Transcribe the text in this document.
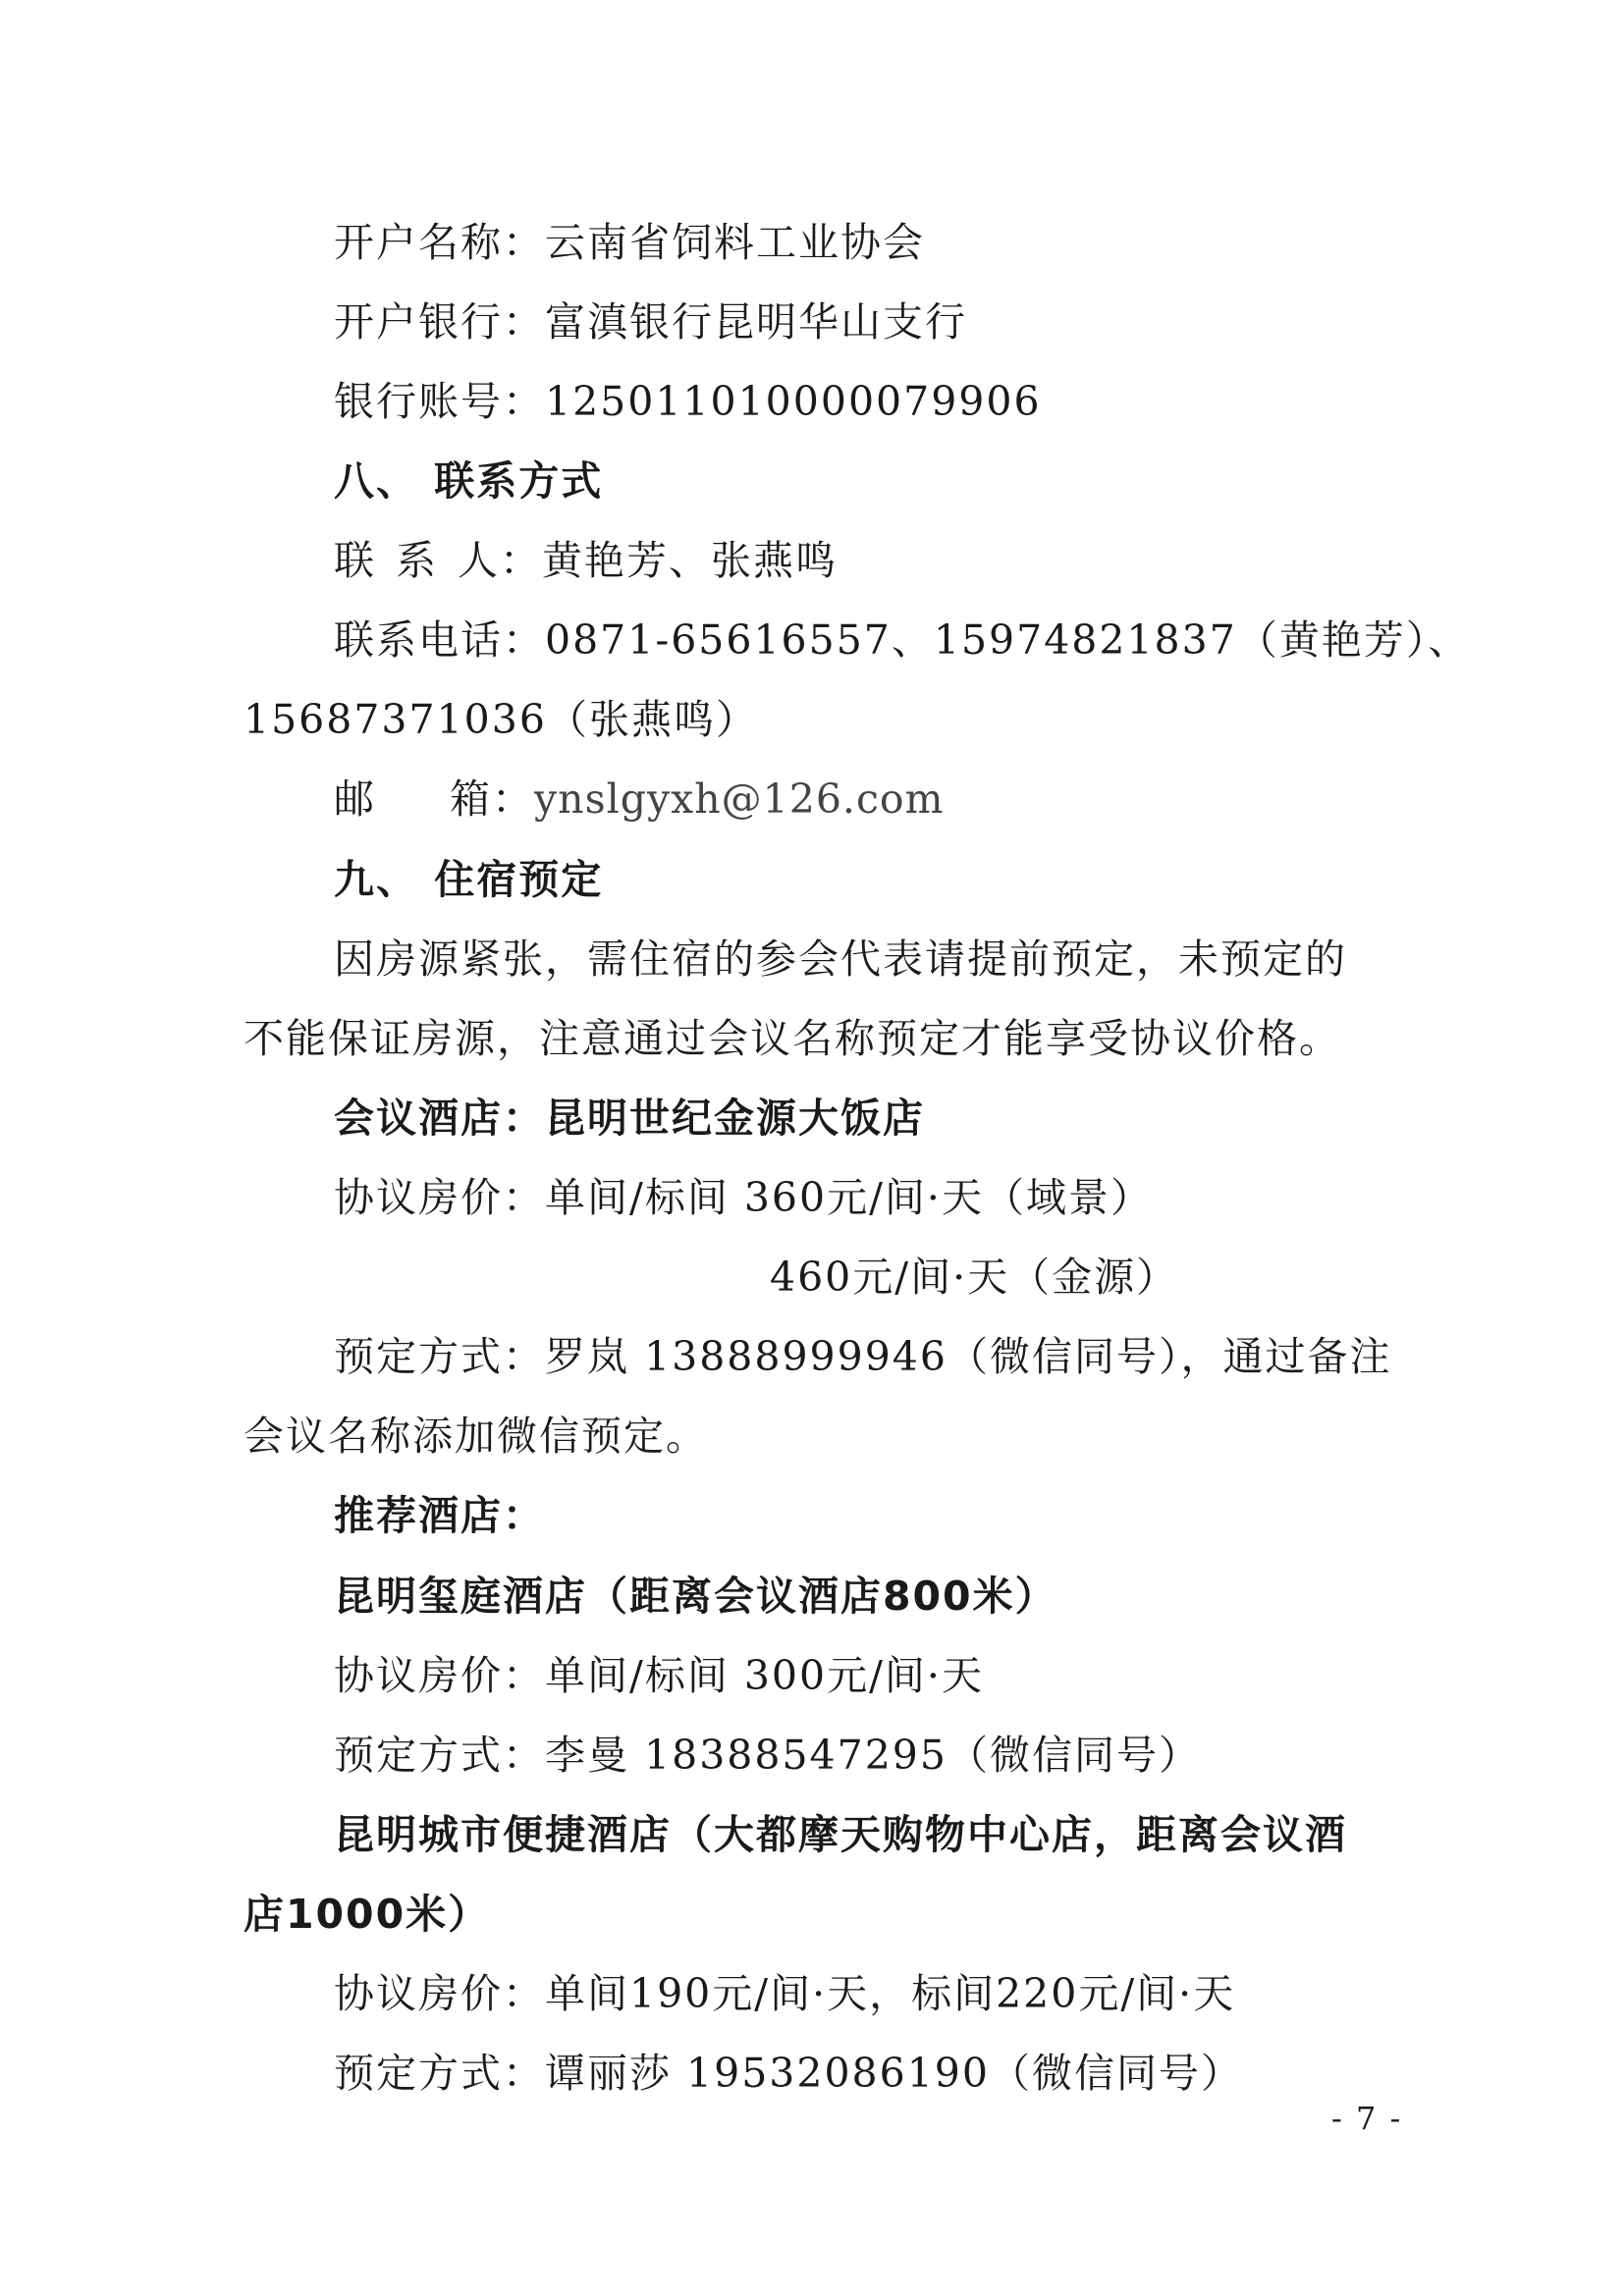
开户名称：云南省饲料工业协会
开户银行：富滇银行昆明华山支行
银行账号：125011010000079906
八、 联系方式
联 系 人：黄艳芳、张燕鸣
联系电话：0871-65616557、15974821837（黄艳芳）、
15687371036（张燕鸣）
邮 箱：ynslgyxh@126.com
九、 住宿预定
因房源紧张，需住宿的参会代表请提前预定，未预定的
不能保证房源，注意通过会议名称预定才能享受协议价格。
会议酒店：昆明世纪金源大饭店
协议房价：单间/标间 360元/间·天（域景）
460元/间·天（金源）
预定方式：罗岚 13888999946（微信同号），通过备注
会议名称添加微信预定。
推荐酒店：
昆明玺庭酒店（距离会议酒店800米）
协议房价：单间/标间 300元/间·天
预定方式：李曼 18388547295（微信同号）
昆明城市便捷酒店（大都摩天购物中心店，距离会议酒
店1000米）
协议房价：单间190元/间·天，标间220元/间·天
预定方式：谭丽莎 19532086190（微信同号）
- 7 -
